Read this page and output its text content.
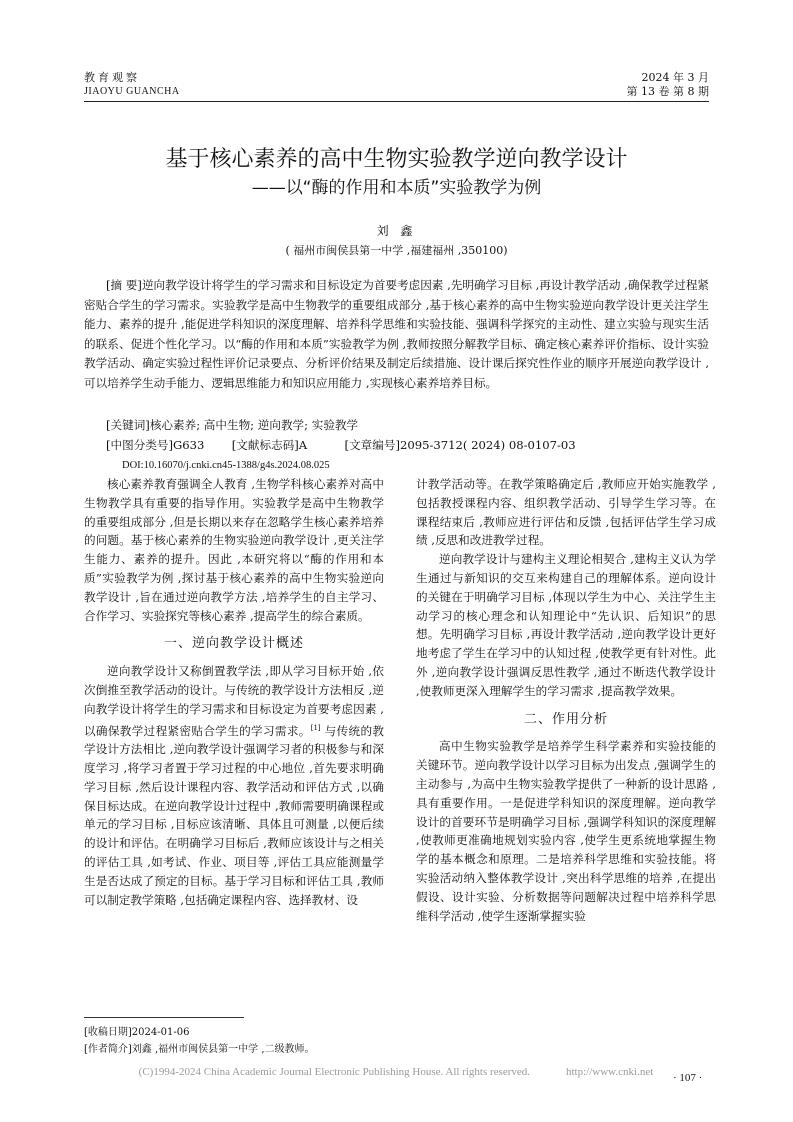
教育观察
JIAOYU GUANCHA
2024 年 3 月
第 13 卷 第 8 期
基于核心素养的高中生物实验教学逆向教学设计
——以“酶的作用和本质”实验教学为例
刘 鑫
( 福州市闽侯县第一中学 ,福建福州 ,350100)

[摘 要]逆向教学设计将学生的学习需求和目标设定为首要考虑因素 ,先明确学习目标 ,再设计教学活动 ,确保教学过程紧密贴合学生的学习需求。实验教学是高中生物教学的重要组成部分 ,基于核心素养的高中生物实验逆向教学设计更关注学生能力、素养的提升 ,能促进学科知识的深度理解、培养科学思维和实验技能、强调科学探究的主动性、建立实验与现实生活的联系、促进个性化学习。以“酶的作用和本质”实验教学为例 ,教师按照分解教学目标、确定核心素养评价指标、设计实验教学活动、确定实验过程性评价记录要点、分析评价结果及制定后续措施、设计课后探究性作业的顺序开展逆向教学设计 ,可以培养学生动手能力、逻辑思维能力和知识应用能力 ,实现核心素养培养目标。

[关键词]核心素养; 高中生物; 逆向教学; 实验教学
[中图分类号]G633 [文献标志码]A	[文章编号]2095-3712( 2024) 08-0107-03
DOI:10.16070/j.cnki.cn45-1388/g4s.2024.08.025

核心素养教育强调全人教育 ,生物学科核心素养对高中生物教学具有重要的指导作用。实验教学是高中生物教学的重要组成部分 ,但是长期以来存在忽略学生核心素养培养的问题。基于核心素养的生物实验逆向教学设计 ,更关注学生能力、素养的提升。因此 ,本研究将以“酶的作用和本质”实验教学为例 ,探讨基于核心素养的高中生物实验逆向教学设计 ,旨在通过逆向教学方法 ,培养学生的自主学习、合作学习、实验探究等核心素养 ,提高学生的综合素质。

一、逆向教学设计概述

逆向教学设计又称倒置教学法 ,即从学习目标开始 ,依次倒推至教学活动的设计。与传统的教学设计方法相反 ,逆向教学设计将学生的学习需求和目标设定为首要考虑因素 ,以确保教学过程紧密贴合学生的学习需求。[1] 与传统的教学设计方法相比 ,逆向教学设计强调学习者的积极参与和深度学习 ,将学习者置于学习过程的中心地位 ,首先要求明确学习目标 ,然后设计课程内容、教学活动和评估方式 ,以确保目标达成。在逆向教学设计过程中 ,教师需要明确课程或单元的学习目标 ,目标应该清晰、具体且可测量 ,以便后续的设计和评估。在明确学习目标后 ,教师应该设计与之相关的评估工具 ,如考试、作业、项目等 ,评估工具应能测量学生是否达成了预定的目标。基于学习目标和评估工具 ,教师可以制定教学策略 ,包括确定课程内容、选择教材、设

计教学活动等。在教学策略确定后 ,教师应开始实施教学 ,包括教授课程内容、组织教学活动、引导学生学习等。在课程结束后 ,教师应进行评估和反馈 ,包括评估学生学习成绩 ,反思和改进教学过程。

逆向教学设计与建构主义理论相契合 ,建构主义认为学生通过与新知识的交互来构建自己的理解体系。逆向设计的关键在于明确学习目标 ,体现以学生为中心、关注学生主动学习的核心理念和认知理论中“先认识、后知识”的思想。先明确学习目标 ,再设计教学活动 ,逆向教学设计更好地考虑了学生在学习中的认知过程 ,使教学更有针对性。此外 ,逆向教学设计强调反思性教学 ,通过不断迭代教学设计 ,使教师更深入理解学生的学习需求 ,提高教学效果。

二、作用分析

高中生物实验教学是培养学生科学素养和实验技能的关键环节。逆向教学设计以学习目标为出发点 ,强调学生的主动参与 ,为高中生物实验教学提供了一种新的设计思路 ,具有重要作用。一是促进学科知识的深度理解。逆向教学设计的首要环节是明确学习目标 ,强调学科知识的深度理解 ,使教师更准确地规划实验内容 ,使学生更系统地掌握生物学的基本概念和原理。二是培养科学思维和实验技能。将实验活动纳入整体教学设计 ,突出科学思维的培养 ,在提出假设、设计实验、分析数据等问题解决过程中培养科学思维科学活动 ,使学生逐渐掌握实验

[收稿日期]2024-01-06
[作者简介]刘鑫 ,福州市闽侯县第一中学 ,二级教师。
(C)1994-2024 China Academic Journal Electronic Publishing House. All rights reserved.	http://www.cnki.net · 107 ·
